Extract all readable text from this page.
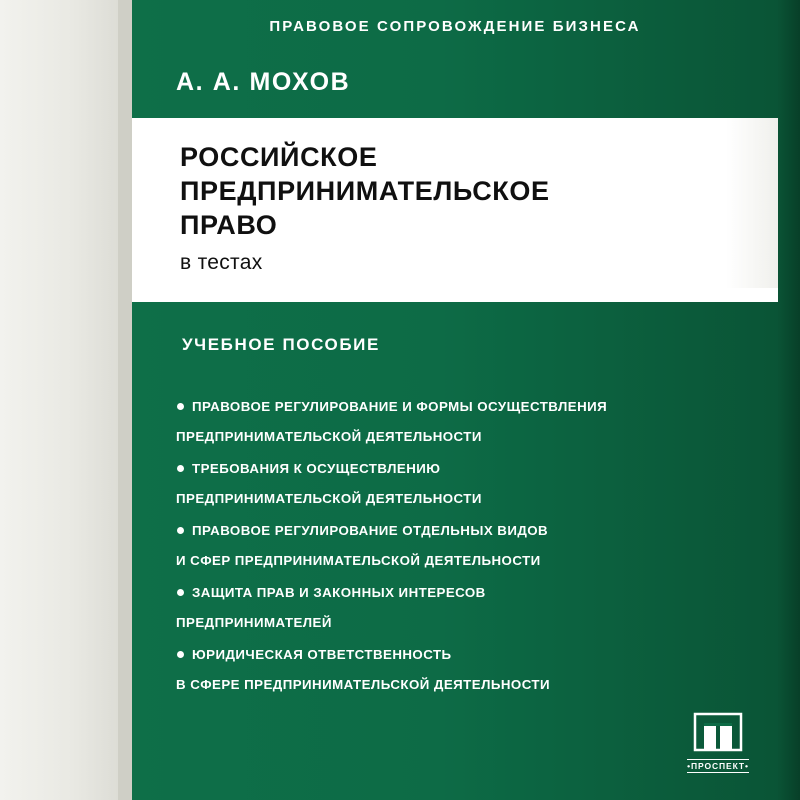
ПРАВОВОЕ СОПРОВОЖДЕНИЕ БИЗНЕСА
А. А. МОХОВ
РОССИЙСКОЕ
ПРЕДПРИНИМАТЕЛЬСКОЕ
ПРАВО
в тестах
УЧЕБНОЕ ПОСОБИЕ
ПРАВОВОЕ РЕГУЛИРОВАНИЕ И ФОРМЫ ОСУЩЕСТВЛЕНИЯ
ПРЕДПРИНИМАТЕЛЬСКОЙ ДЕЯТЕЛЬНОСТИ
ТРЕБОВАНИЯ К ОСУЩЕСТВЛЕНИЮ
ПРЕДПРИНИМАТЕЛЬСКОЙ ДЕЯТЕЛЬНОСТИ
ПРАВОВОЕ РЕГУЛИРОВАНИЕ ОТДЕЛЬНЫХ ВИДОВ
И СФЕР ПРЕДПРИНИМАТЕЛЬСКОЙ ДЕЯТЕЛЬНОСТИ
ЗАЩИТА ПРАВ И ЗАКОННЫХ ИНТЕРЕСОВ
ПРЕДПРИНИМАТЕЛЕЙ
ЮРИДИЧЕСКАЯ ОТВЕТСТВЕННОСТЬ
В СФЕРЕ ПРЕДПРИНИМАТЕЛЬСКОЙ ДЕЯТЕЛЬНОСТИ
•ПРОСПЕКТ•
